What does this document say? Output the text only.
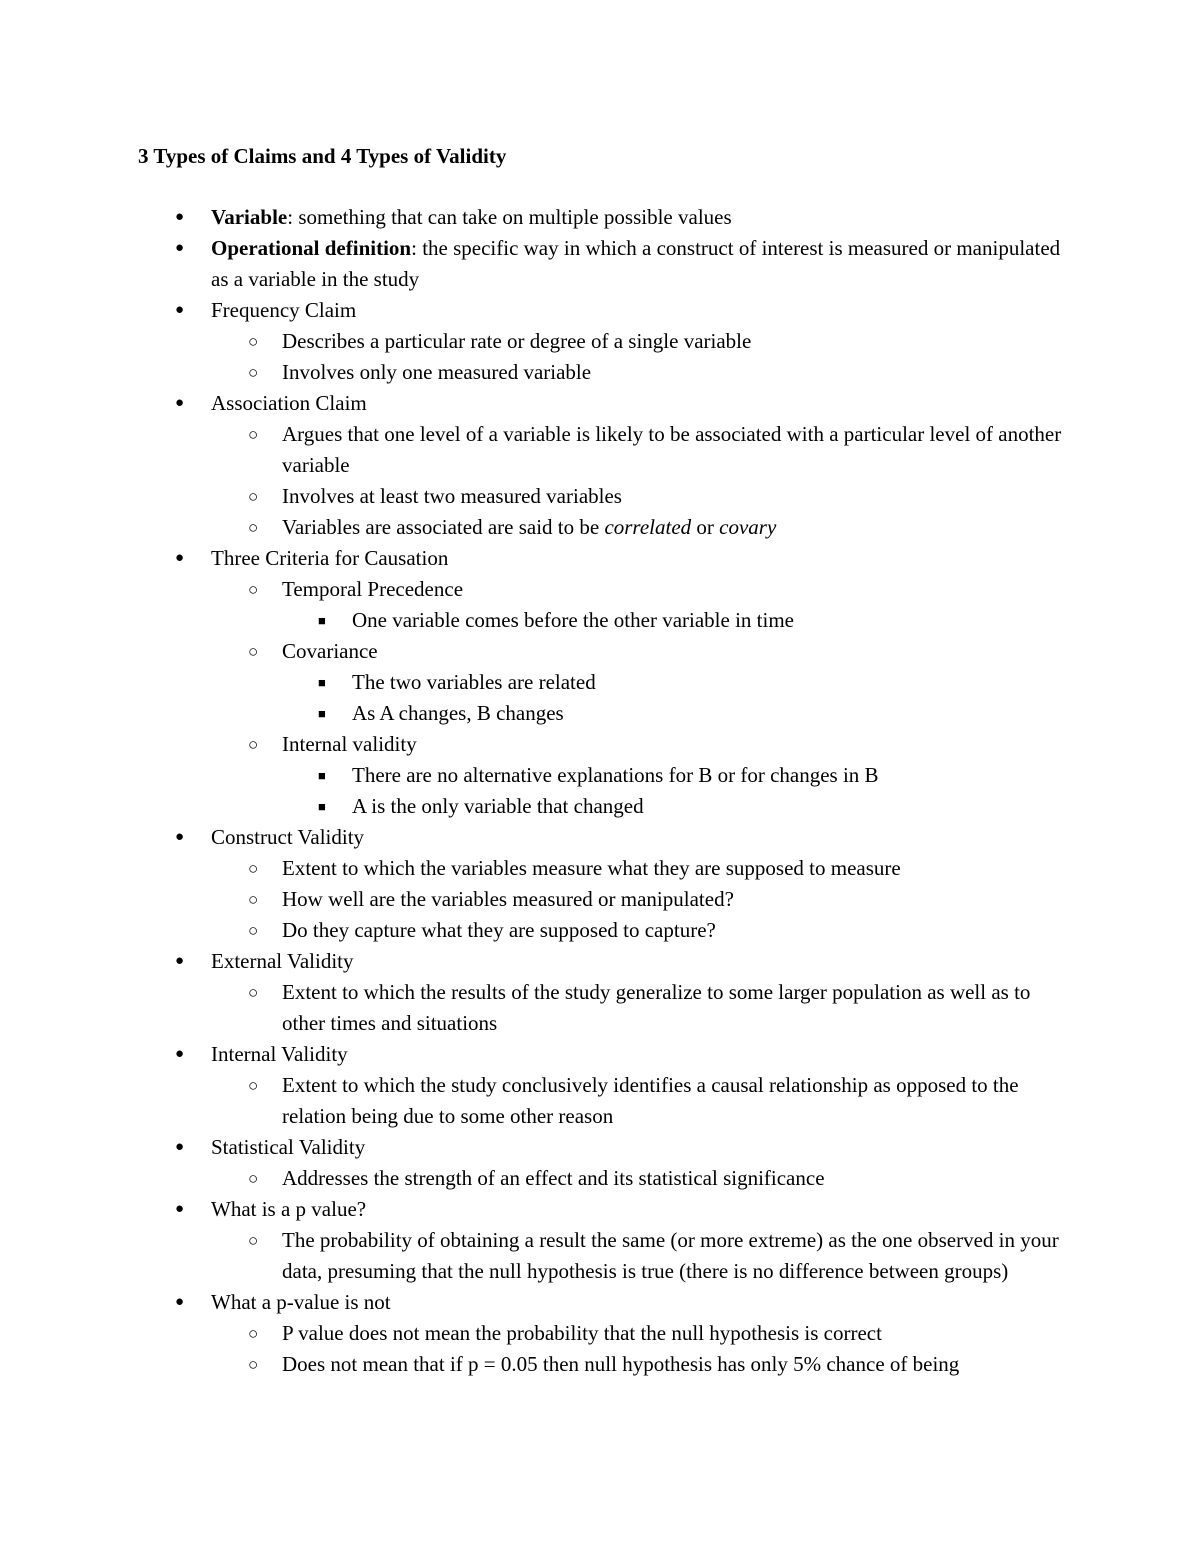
3 Types of Claims and 4 Types of Validity
● Variable: something that can take on multiple possible values
● Operational definition: the specific way in which a construct of interest is measured or manipulated as a variable in the study
● Frequency Claim
○ Describes a particular rate or degree of a single variable
○ Involves only one measured variable
● Association Claim
○ Argues that one level of a variable is likely to be associated with a particular level of another variable
○ Involves at least two measured variables
○ Variables are associated are said to be correlated or covary
● Three Criteria for Causation
○ Temporal Precedence
■ One variable comes before the other variable in time
○ Covariance
■ The two variables are related
■ As A changes, B changes
○ Internal validity
■ There are no alternative explanations for B or for changes in B
■ A is the only variable that changed
● Construct Validity
○ Extent to which the variables measure what they are supposed to measure
○ How well are the variables measured or manipulated?
○ Do they capture what they are supposed to capture?
● External Validity
○ Extent to which the results of the study generalize to some larger population as well as to other times and situations
● Internal Validity
○ Extent to which the study conclusively identifies a causal relationship as opposed to the relation being due to some other reason
● Statistical Validity
○ Addresses the strength of an effect and its statistical significance
● What is a p value?
○ The probability of obtaining a result the same (or more extreme) as the one observed in your data, presuming that the null hypothesis is true (there is no difference between groups)
● What a p-value is not
○ P value does not mean the probability that the null hypothesis is correct
○ Does not mean that if p = 0.05 then null hypothesis has only 5% chance of being
